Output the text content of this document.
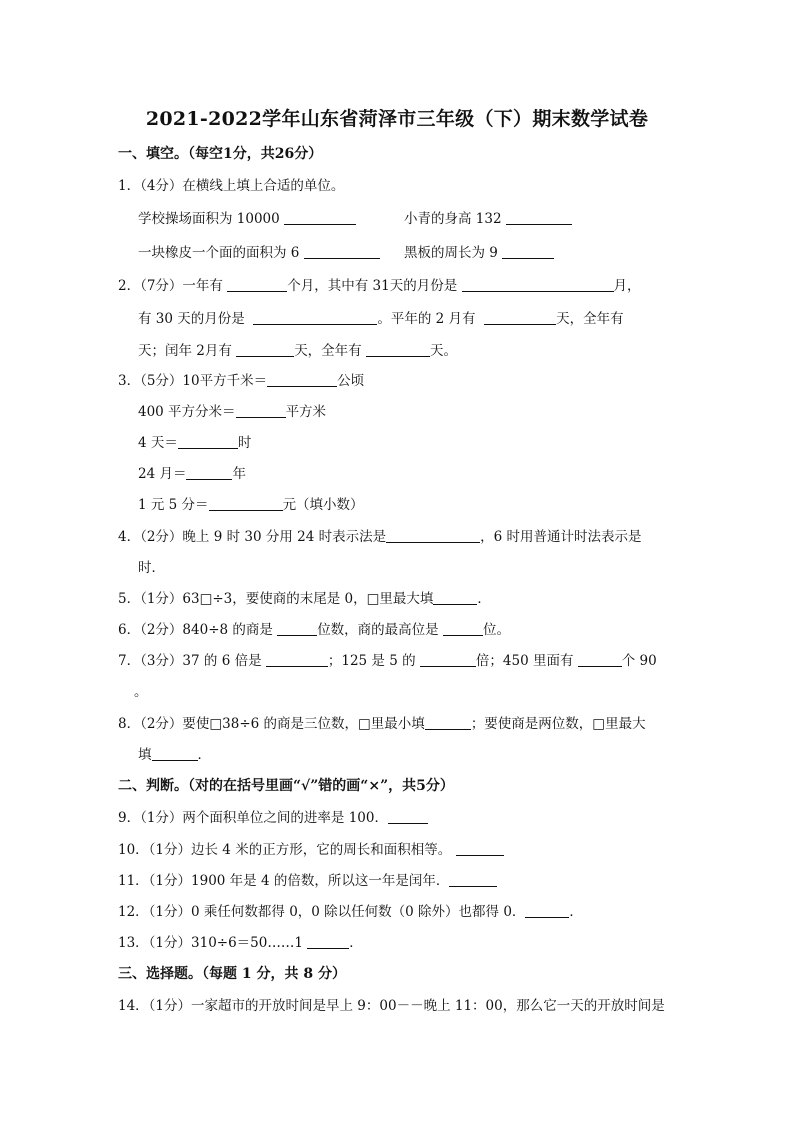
2021-2022学年山东省菏泽市三年级（下）期末数学试卷
一、填空。（每空1分，共26分）
1．（4分）在横线上填上合适的单位。
学校操场面积为 10000	小青的身高 132
一块橡皮一个面的面积为 6	黑板的周长为 9
2．（7分）一年有	个月，其中有 31天的月份是	月，
有 30 天的月份是	。平年的 2 月有	天，全年有
天；闰年 2月有	天，全年有	天。
3．（5分）10平方千米＝	公顷
400 平方分米＝	平方米
4 天＝	时
24 月＝	年
1 元 5 分＝	元（填小数）
4．（2分）晚上 9 时 30 分用 24 时表示法是	，6 时用普通计时法表示是
时．
5．（1分）63□÷3，要使商的末尾是 0，□里最大填	．
6．（2分）840÷8 的商是	位数，商的最高位是	位。
7．（3分）37 的 6 倍是	；125 是 5 的	倍；450 里面有	个 90
。
8．（2分）要使□38÷6 的商是三位数，□里最小填	；要使商是两位数，□里最大
填	．
二、判断。（对的在括号里画“√”错的画“×”，共5分）
9．（1分）两个面积单位之间的进率是 100．
10．（1分）边长 4 米的正方形，它的周长和面积相等。
11．（1分）1900 年是 4 的倍数，所以这一年是闰年．
12．（1分）0 乘任何数都得 0，0 除以任何数（0 除外）也都得 0．	．
13．（1分）310÷6＝50……1	．
三、选择题。（每题 1 分，共 8 分）
14．（1分）一家超市的开放时间是早上 9：00－－晚上 11：00，那么它一天的开放时间是
